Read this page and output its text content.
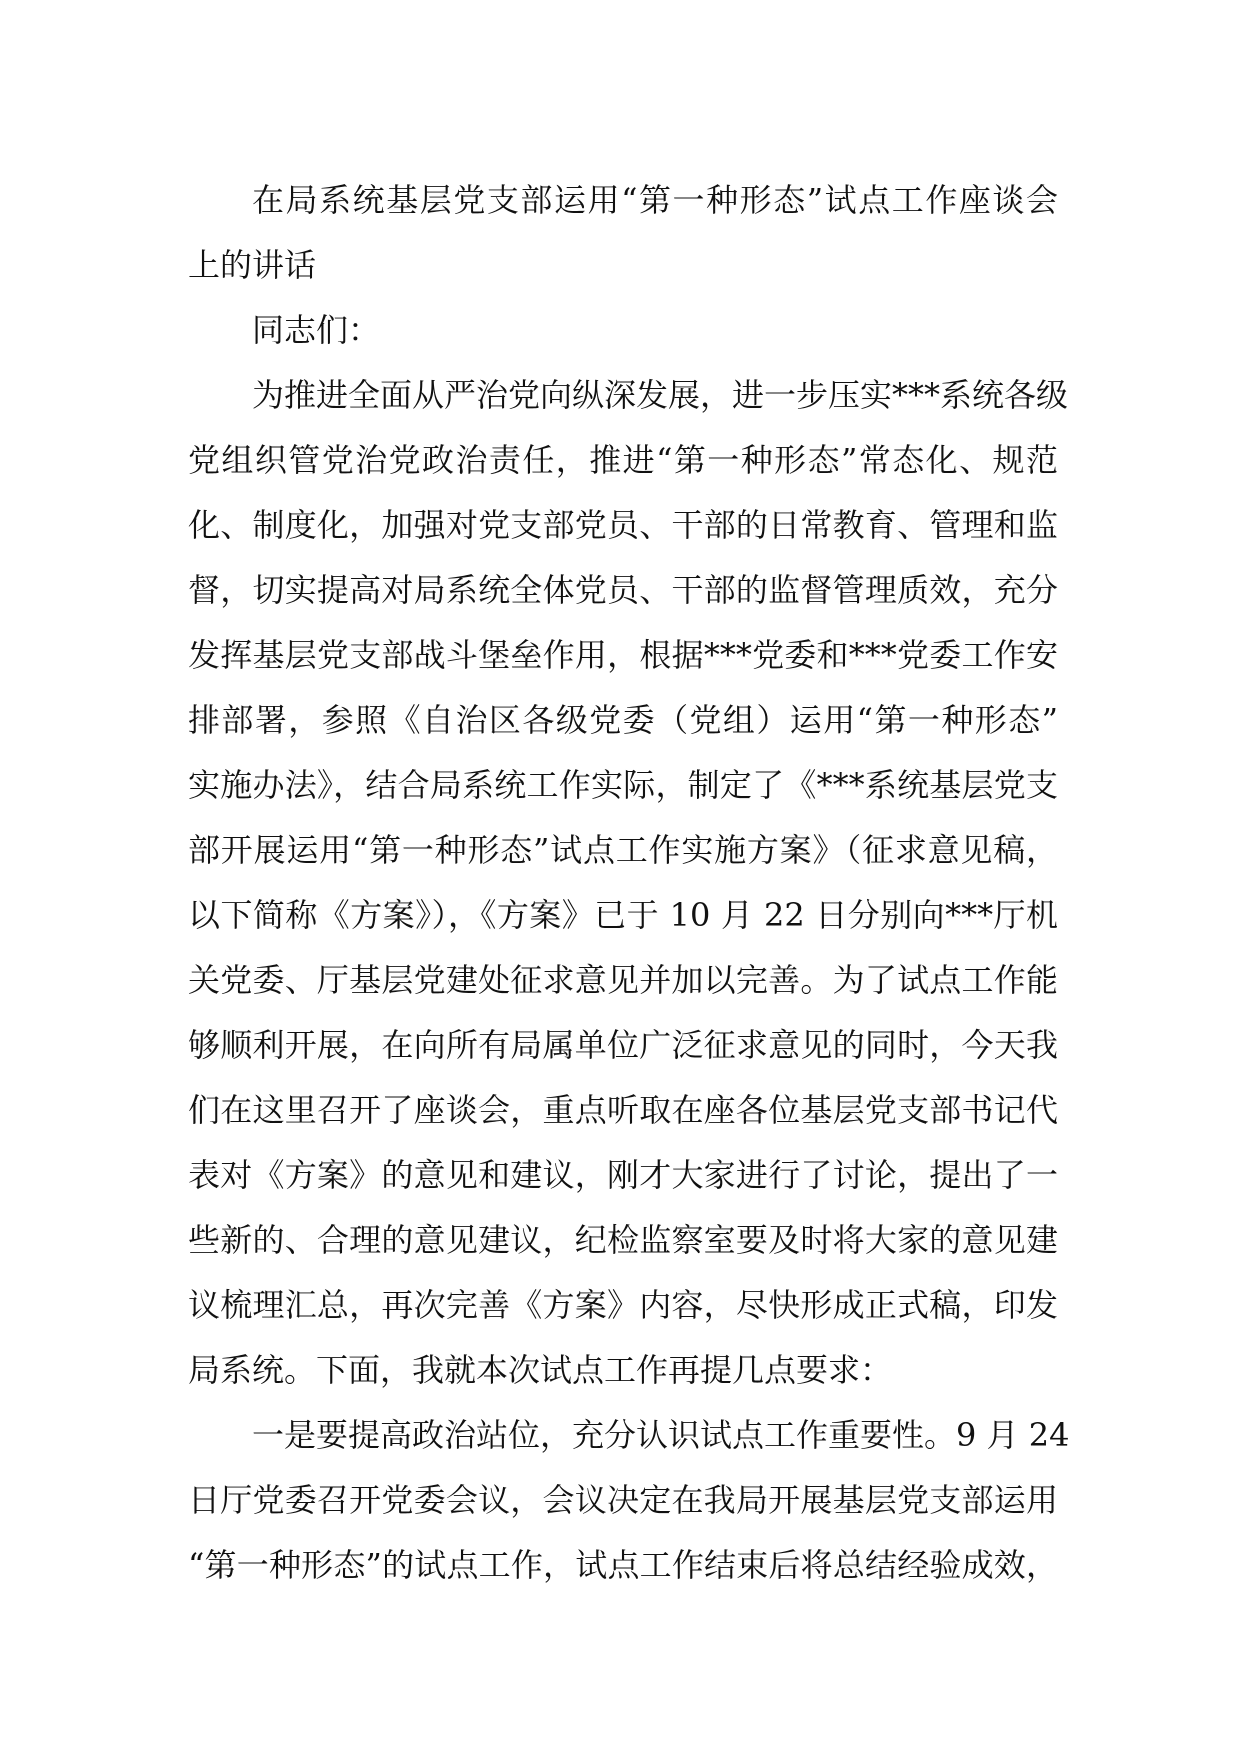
在局系统基层党支部运用“第一种形态”试点工作座谈会
上的讲话
同志们：
为推进全面从严治党向纵深发展，进一步压实***系统各级
党组织管党治党政治责任，推进“第一种形态”常态化、规范
化、制度化，加强对党支部党员、干部的日常教育、管理和监
督，切实提高对局系统全体党员、干部的监督管理质效，充分
发挥基层党支部战斗堡垒作用，根据***党委和***党委工作安
排部署，参照《自治区各级党委（党组）运用“第一种形态”
实施办法》，结合局系统工作实际，制定了《***系统基层党支
部开展运用“第一种形态”试点工作实施方案》（征求意见稿，
以下简称《方案》），《方案》已于 10 月 22 日分别向***厅机
关党委、厅基层党建处征求意见并加以完善。为了试点工作能
够顺利开展，在向所有局属单位广泛征求意见的同时，今天我
们在这里召开了座谈会，重点听取在座各位基层党支部书记代
表对《方案》的意见和建议，刚才大家进行了讨论，提出了一
些新的、合理的意见建议，纪检监察室要及时将大家的意见建
议梳理汇总，再次完善《方案》内容，尽快形成正式稿，印发
局系统。下面，我就本次试点工作再提几点要求：
一是要提高政治站位，充分认识试点工作重要性。9 月 24
日厅党委召开党委会议，会议决定在我局开展基层党支部运用
“第一种形态”的试点工作，试点工作结束后将总结经验成效，
